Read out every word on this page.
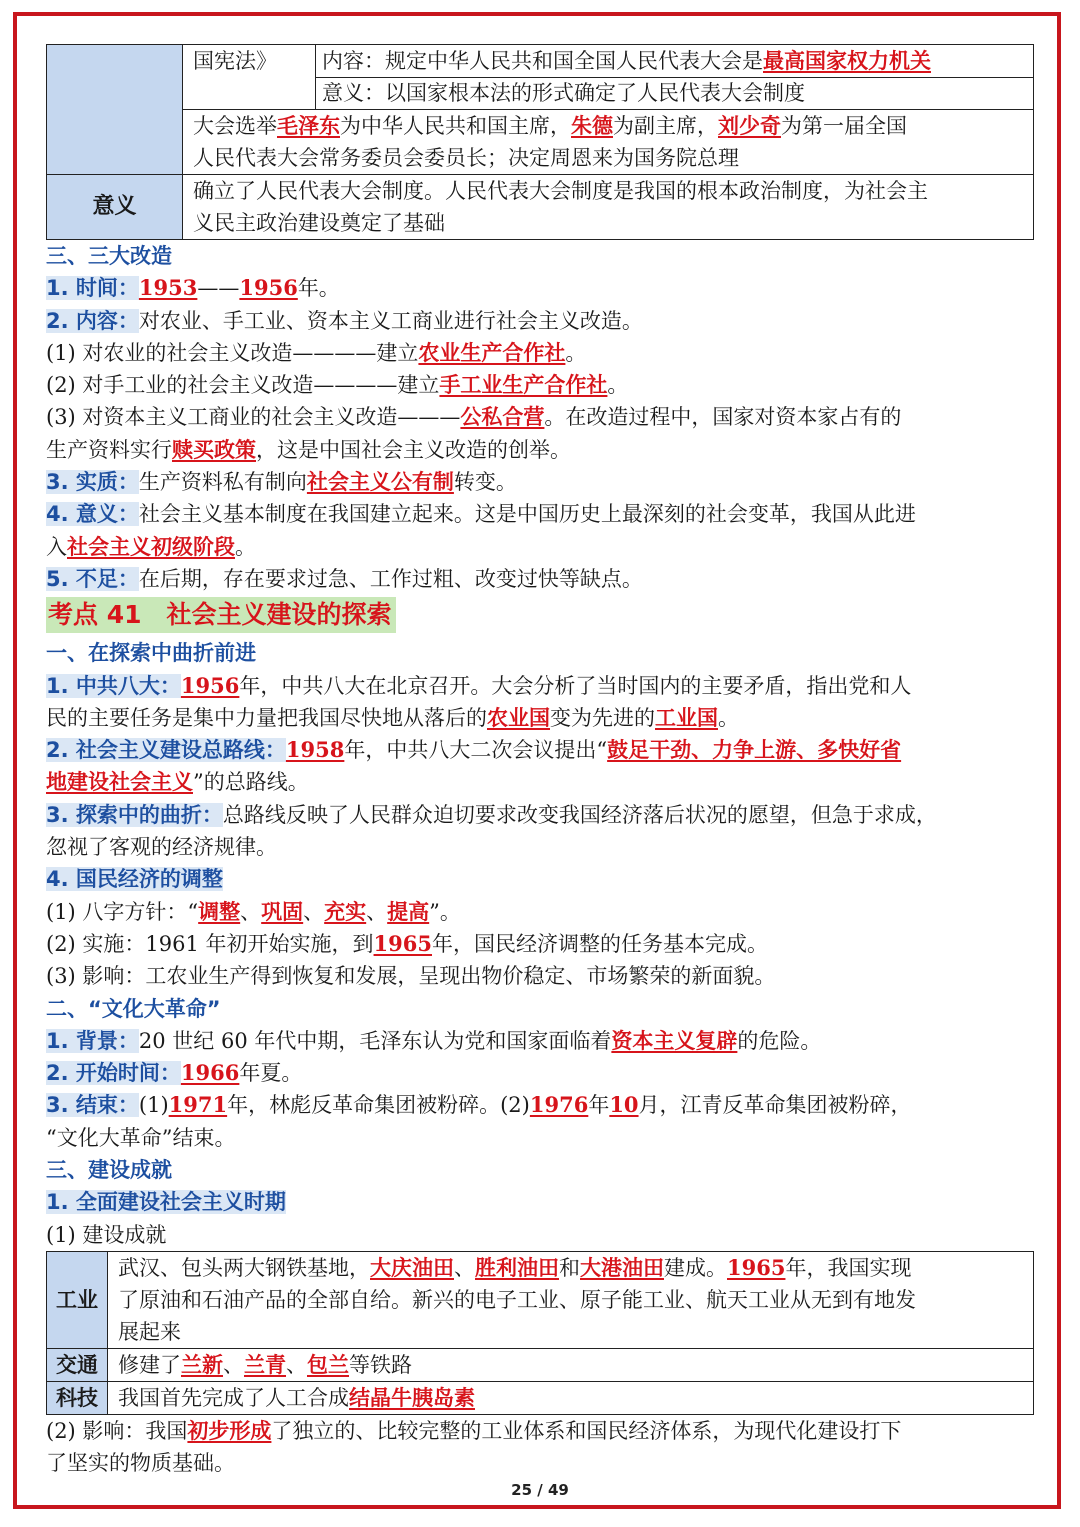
	国宪法》	内容：规定中华人民共和国全国人民代表大会是最高国家权力机关
意义：以国家根本法的形式确定了人民代表大会制度

	大会选举毛泽东为中华人民共和国主席，朱德为副主席，刘少奇为第一届全国
人民代表大会常务委员会委员长；决定周恩来为国务院总理	

意义	确立了人民代表大会制度。人民代表大会制度是我国的根本政治制度，为社会主
义民主政治建设奠定了基础	
三、三大改造
1. 时间：1953——1956年。
2. 内容：对农业、手工业、资本主义工商业进行社会主义改造。
(1) 对农业的社会主义改造————建立农业生产合作社。
(2) 对手工业的社会主义改造————建立手工业生产合作社。
(3) 对资本主义工商业的社会主义改造———公私合营。在改造过程中，国家对资本家占有的
生产资料实行赎买政策，这是中国社会主义改造的创举。
3. 实质：生产资料私有制向社会主义公有制转变。
4. 意义：社会主义基本制度在我国建立起来。这是中国历史上最深刻的社会变革，我国从此进
入社会主义初级阶段。
5. 不足：在后期，存在要求过急、工作过粗、改变过快等缺点。
考点 41　社会主义建设的探索
一、在探索中曲折前进
1. 中共八大：1956年，中共八大在北京召开。大会分析了当时国内的主要矛盾，指出党和人
民的主要任务是集中力量把我国尽快地从落后的农业国变为先进的工业国。
2. 社会主义建设总路线：1958年，中共八大二次会议提出“鼓足干劲、力争上游、多快好省
地建设社会主义”的总路线。
3. 探索中的曲折：总路线反映了人民群众迫切要求改变我国经济落后状况的愿望，但急于求成，
忽视了客观的经济规律。
4. 国民经济的调整
(1) 八字方针：“调整、巩固、充实、提高”。
(2) 实施：1961 年初开始实施，到1965年，国民经济调整的任务基本完成。
(3) 影响：工农业生产得到恢复和发展，呈现出物价稳定、市场繁荣的新面貌。
二、“文化大革命”
1. 背景：20 世纪 60 年代中期，毛泽东认为党和国家面临着资本主义复辟的危险。
2. 开始时间：1966年夏。
3. 结束：(1)1971年，林彪反革命集团被粉碎。(2)1976年10月，江青反革命集团被粉碎，
“文化大革命”结束。
三、建设成就
1. 全面建设社会主义时期
(1) 建设成就
工业	武汉、包头两大钢铁基地，大庆油田、胜利油田和大港油田建成。1965年，我国实现
了原油和石油产品的全部自给。新兴的电子工业、原子能工业、航天工业从无到有地发
展起来

交通	修建了兰新、兰青、包兰等铁路
科技	我国首先完成了人工合成结晶牛胰岛素
(2) 影响：我国初步形成了独立的、比较完整的工业体系和国民经济体系，为现代化建设打下
了坚实的物质基础。
25 / 49
